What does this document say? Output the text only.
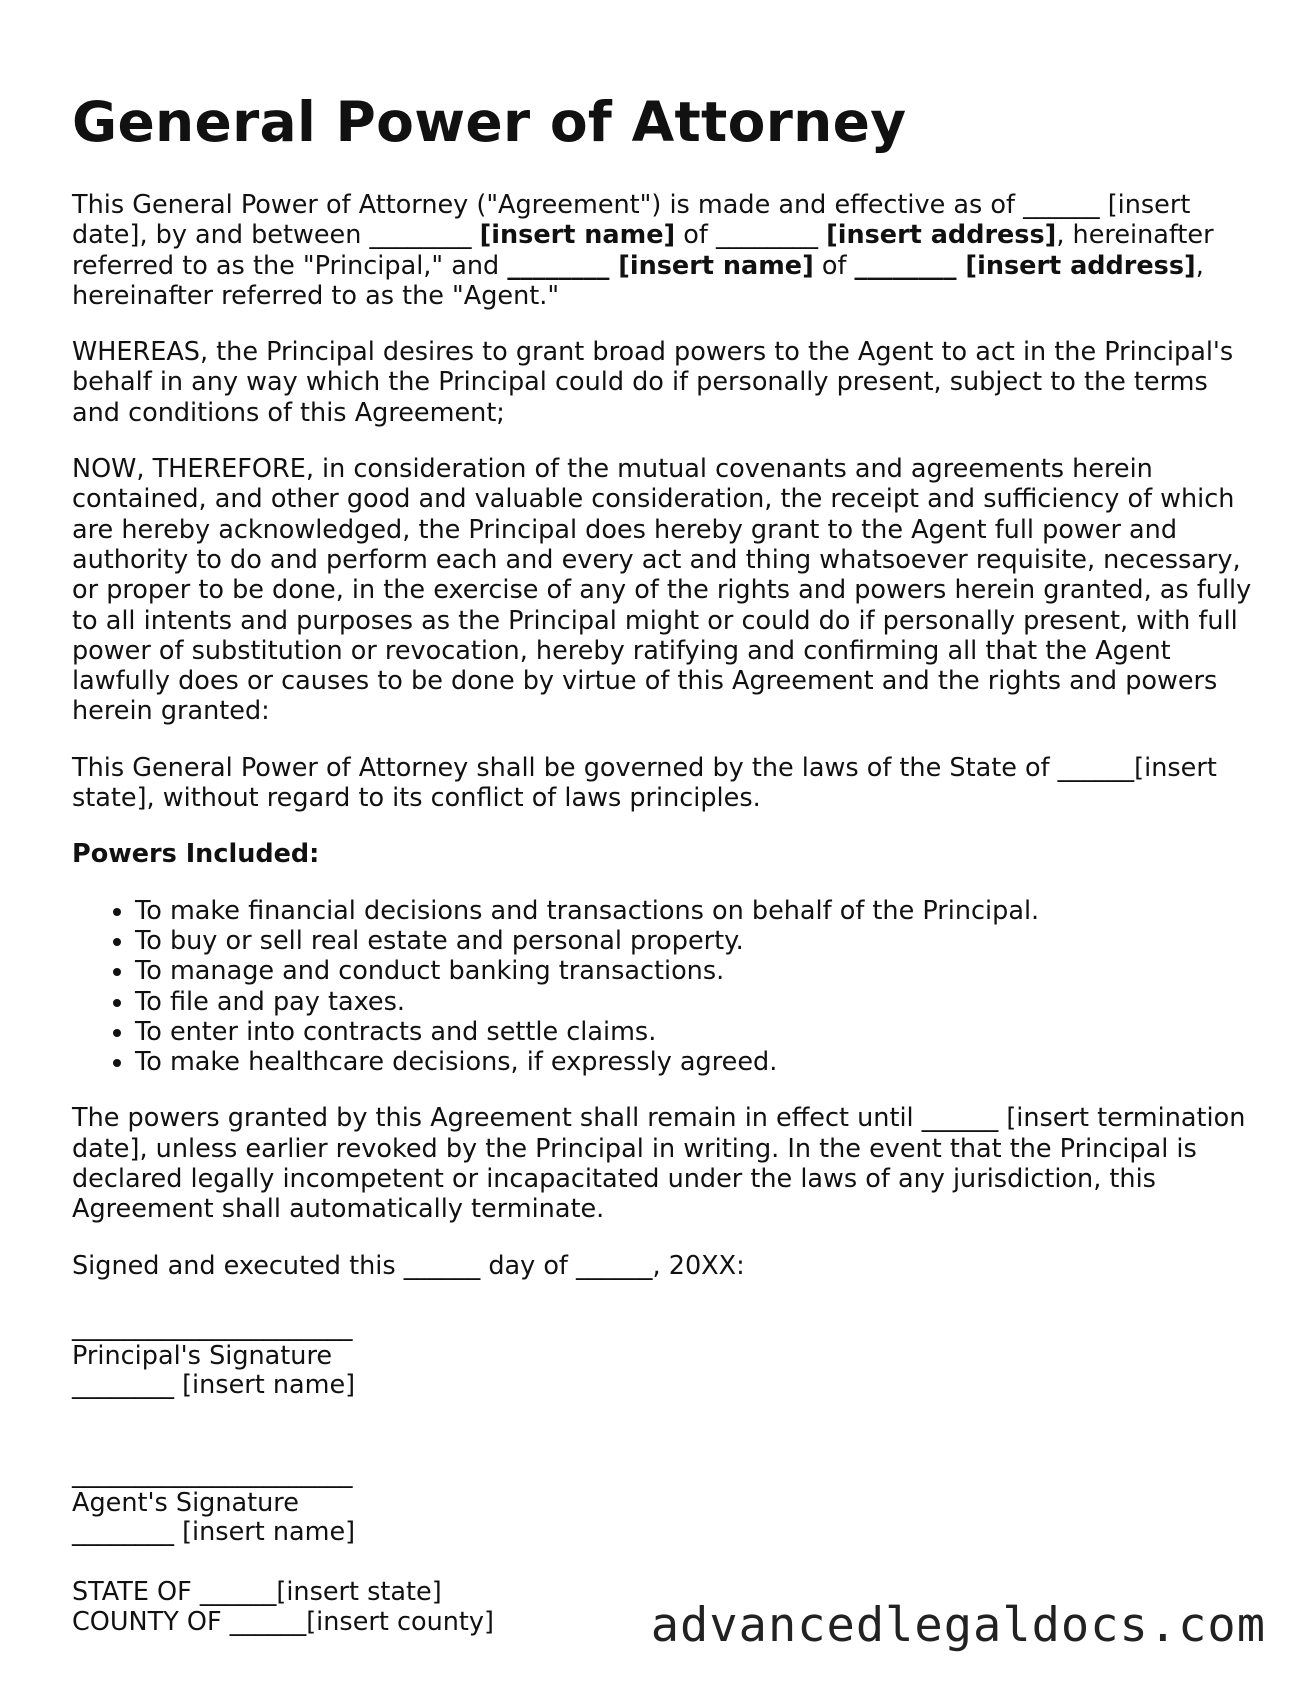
General Power of Attorney

This General Power of Attorney ("Agreement") is made and effective as of ______ [insert date], by and between ________ [insert name] of ________ [insert address], hereinafter referred to as the "Principal," and ________ [insert name] of ________ [insert address], hereinafter referred to as the "Agent."

WHEREAS, the Principal desires to grant broad powers to the Agent to act in the Principal's behalf in any way which the Principal could do if personally present, subject to the terms and conditions of this Agreement;

NOW, THEREFORE, in consideration of the mutual covenants and agreements herein contained, and other good and valuable consideration, the receipt and sufficiency of which are hereby acknowledged, the Principal does hereby grant to the Agent full power and authority to do and perform each and every act and thing whatsoever requisite, necessary, or proper to be done, in the exercise of any of the rights and powers herein granted, as fully to all intents and purposes as the Principal might or could do if personally present, with full power of substitution or revocation, hereby ratifying and confirming all that the Agent lawfully does or causes to be done by virtue of this Agreement and the rights and powers herein granted:

This General Power of Attorney shall be governed by the laws of the State of ______[insert state], without regard to its conflict of laws principles.

Powers Included:

• To make financial decisions and transactions on behalf of the Principal.
• To buy or sell real estate and personal property.
• To manage and conduct banking transactions.
• To file and pay taxes.
• To enter into contracts and settle claims.
• To make healthcare decisions, if expressly agreed.

The powers granted by this Agreement shall remain in effect until ______ [insert termination date], unless earlier revoked by the Principal in writing. In the event that the Principal is declared legally incompetent or incapacitated under the laws of any jurisdiction, this Agreement shall automatically terminate.

Signed and executed this ______ day of ______, 20XX:

______________________
Principal's Signature
________ [insert name]
______________________
Agent's Signature
________ [insert name]
STATE OF ______[insert state]
COUNTY OF ______[insert county]	advancedlegaldocs.com
